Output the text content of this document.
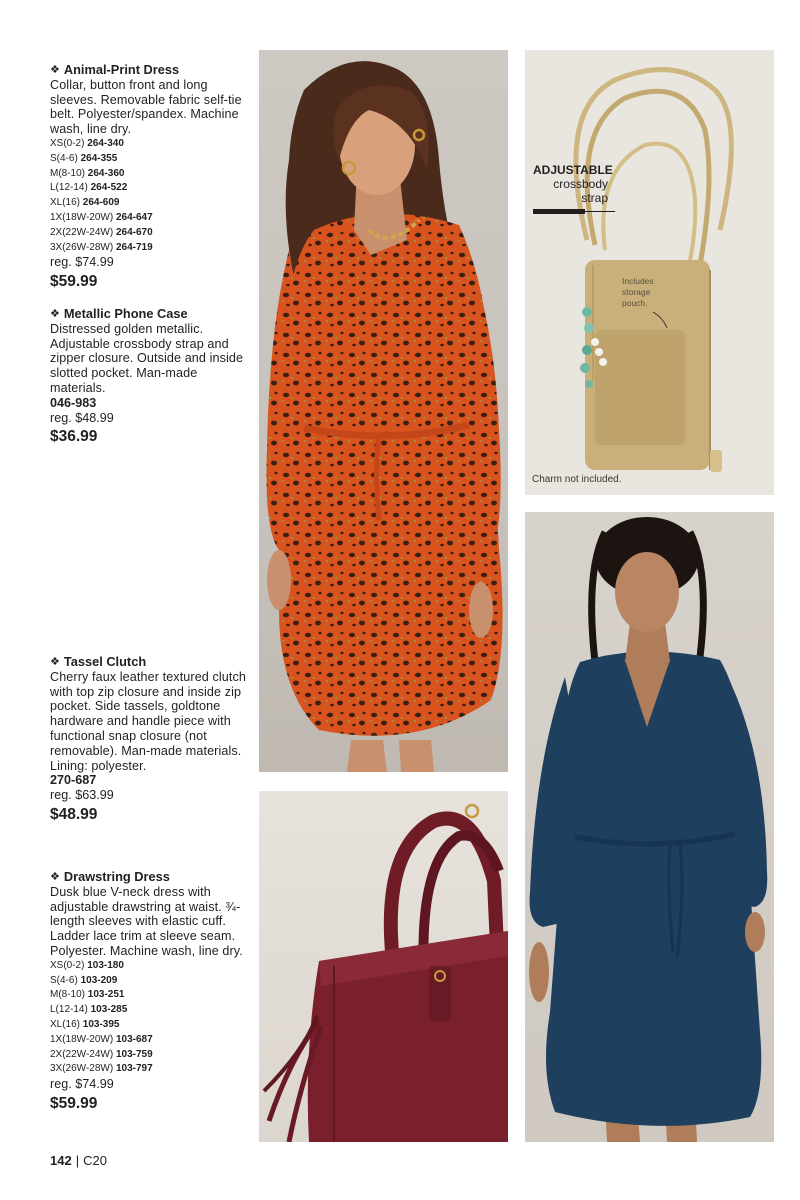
❖ Animal-Print Dress
Collar, button front and long sleeves. Removable fabric self-tie belt. Polyester/spandex. Machine wash, line dry.
XS(0-2) 264-340
S(4-6) 264-355
M(8-10) 264-360
L(12-14) 264-522
XL(16) 264-609
1X(18W-20W) 264-647
2X(22W-24W) 264-670
3X(26W-28W) 264-719
reg. $74.99
$59.99
❖ Metallic Phone Case
Distressed golden metallic. Adjustable crossbody strap and zipper closure. Outside and inside slotted pocket. Man-made materials.
046-983
reg. $48.99
$36.99
❖ Tassel Clutch
Cherry faux leather textured clutch with top zip closure and inside zip pocket. Side tassels, goldtone hardware and handle piece with functional snap closure (not removable). Man-made materials. Lining: polyester.
270-687
reg. $63.99
$48.99
❖ Drawstring Dress
Dusk blue V-neck dress with adjustable drawstring at waist. ¾-length sleeves with elastic cuff. Ladder lace trim at sleeve seam. Polyester. Machine wash, line dry.
XS(0-2) 103-180
S(4-6) 103-209
M(8-10) 103-251
L(12-14) 103-285
XL(16) 103-395
1X(18W-20W) 103-687
2X(22W-24W) 103-759
3X(26W-28W) 103-797
reg. $74.99
$59.99
142 | C20
ADJUSTABLE
crossbody
strap
Includes storage pouch.
Charm not included.
